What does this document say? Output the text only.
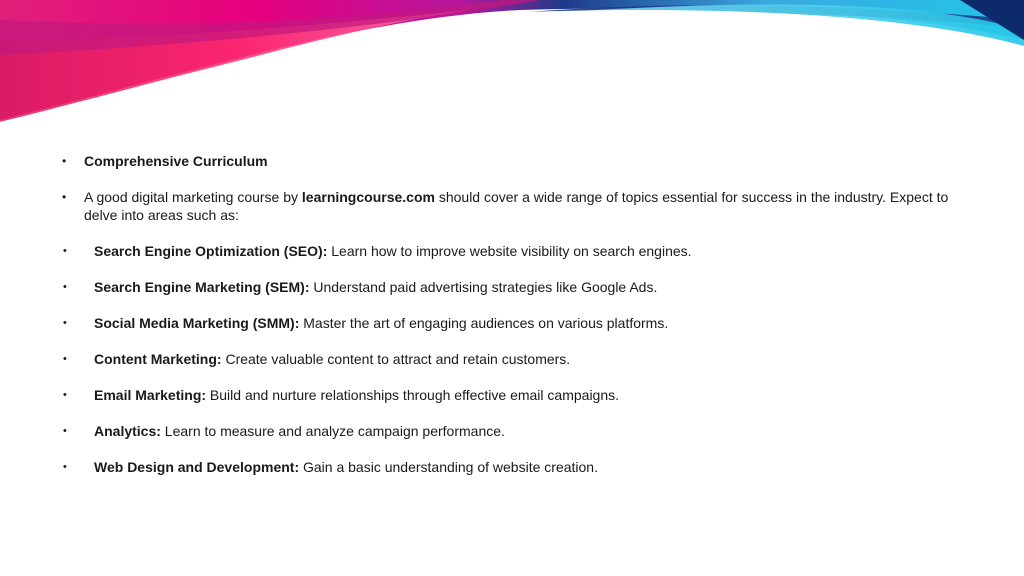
• Comprehensive Curriculum
• A good digital marketing course by learningcourse.com should cover a wide range of topics essential for success in the industry. Expect to delve into areas such as:
• Search Engine Optimization (SEO): Learn how to improve website visibility on search engines.
• Search Engine Marketing (SEM): Understand paid advertising strategies like Google Ads.
• Social Media Marketing (SMM): Master the art of engaging audiences on various platforms.
• Content Marketing: Create valuable content to attract and retain customers.
• Email Marketing: Build and nurture relationships through effective email campaigns.
• Analytics: Learn to measure and analyze campaign performance.
• Web Design and Development: Gain a basic understanding of website creation.
